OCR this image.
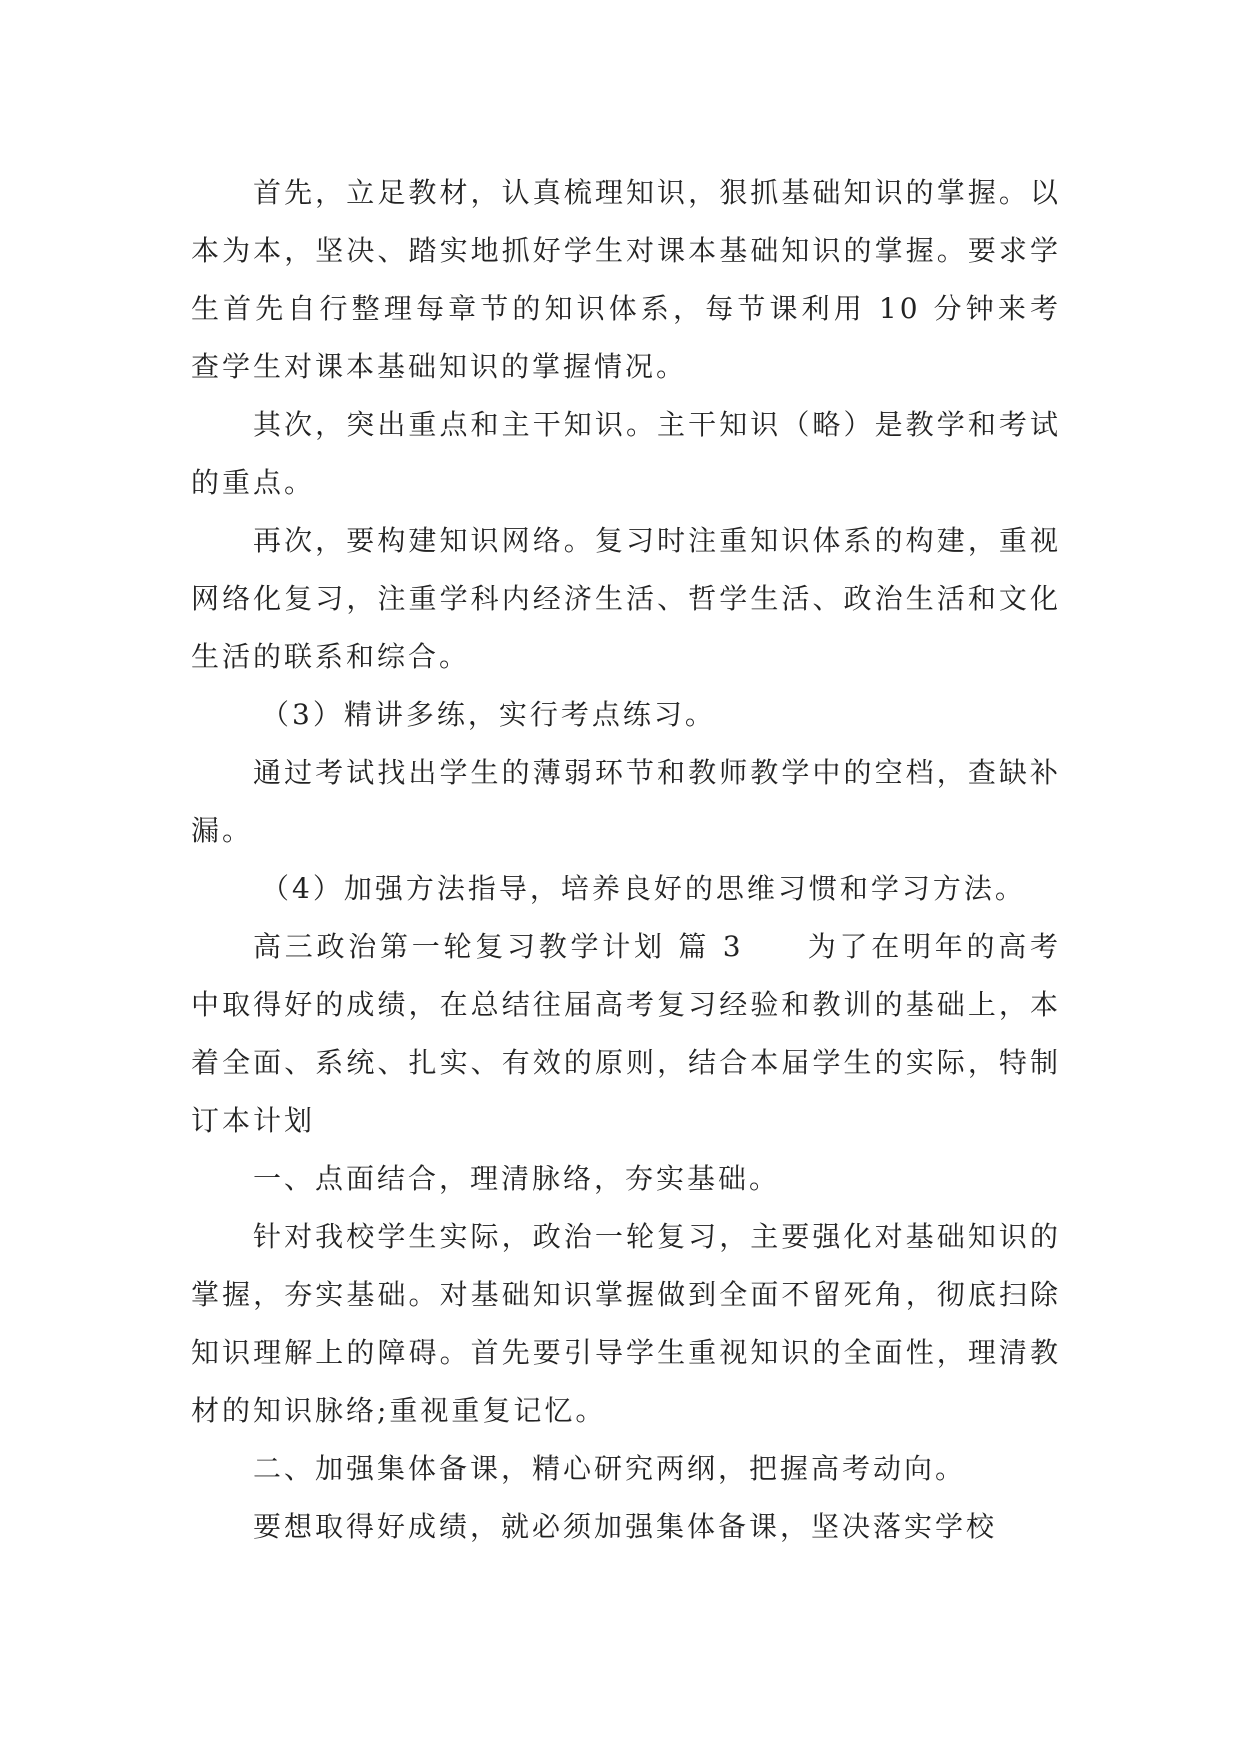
首先，立足教材，认真梳理知识，狠抓基础知识的掌握。以本为本，坚决、踏实地抓好学生对课本基础知识的掌握。要求学生首先自行整理每章节的知识体系，每节课利用 10 分钟来考查学生对课本基础知识的掌握情况。

其次，突出重点和主干知识。主干知识（略）是教学和考试的重点。

再次，要构建知识网络。复习时注重知识体系的构建，重视网络化复习，注重学科内经济生活、哲学生活、政治生活和文化生活的联系和综合。

（3）精讲多练，实行考点练习。

通过考试找出学生的薄弱环节和教师教学中的空档，查缺补漏。

（4）加强方法指导，培养良好的思维习惯和学习方法。

高三政治第一轮复习教学计划 篇 3　　为了在明年的高考中取得好的成绩，在总结往届高考复习经验和教训的基础上，本着全面、系统、扎实、有效的原则，结合本届学生的实际，特制订本计划

一、点面结合，理清脉络，夯实基础。

针对我校学生实际，政治一轮复习，主要强化对基础知识的掌握，夯实基础。对基础知识掌握做到全面不留死角，彻底扫除知识理解上的障碍。首先要引导学生重视知识的全面性，理清教材的知识脉络;重视重复记忆。

二、加强集体备课，精心研究两纲，把握高考动向。

要想取得好成绩，就必须加强集体备课，坚决落实学校
